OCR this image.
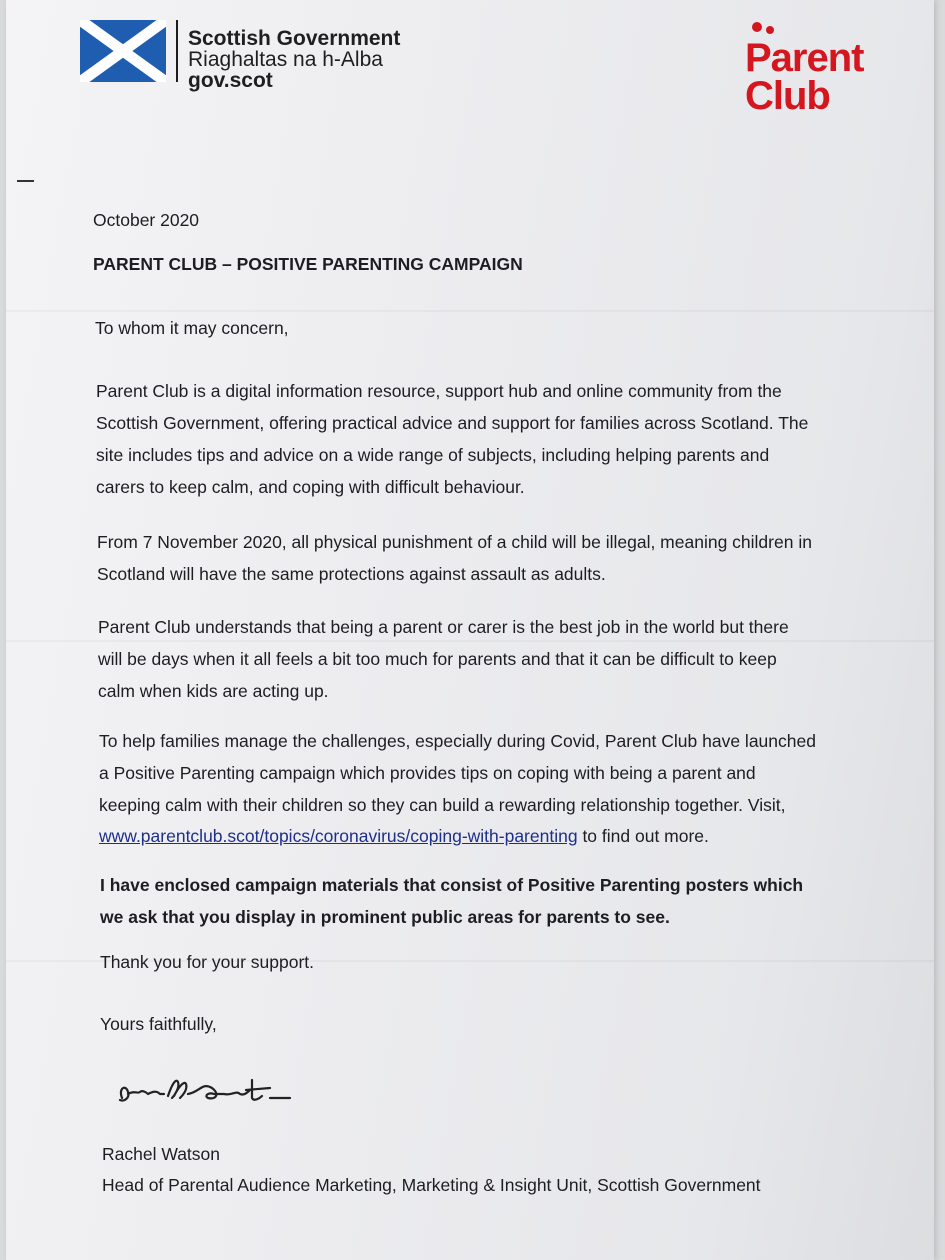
Scottish Government
Riaghaltas na h-Alba
gov.scot
Parent
Club
October 2020
PARENT CLUB – POSITIVE PARENTING CAMPAIGN
To whom it may concern,
Parent Club is a digital information resource, support hub and online community from the
Scottish Government, offering practical advice and support for families across Scotland. The
site includes tips and advice on a wide range of subjects, including helping parents and
carers to keep calm, and coping with difficult behaviour.
From 7 November 2020, all physical punishment of a child will be illegal, meaning children in
Scotland will have the same protections against assault as adults.
Parent Club understands that being a parent or carer is the best job in the world but there
will be days when it all feels a bit too much for parents and that it can be difficult to keep
calm when kids are acting up.
To help families manage the challenges, especially during Covid, Parent Club have launched
a Positive Parenting campaign which provides tips on coping with being a parent and
keeping calm with their children so they can build a rewarding relationship together. Visit,
www.parentclub.scot/topics/coronavirus/coping-with-parenting to find out more.
I have enclosed campaign materials that consist of Positive Parenting posters which
we ask that you display in prominent public areas for parents to see.
Thank you for your support.
Yours faithfully,
Rachel Watson
Head of Parental Audience Marketing, Marketing & Insight Unit, Scottish Government
